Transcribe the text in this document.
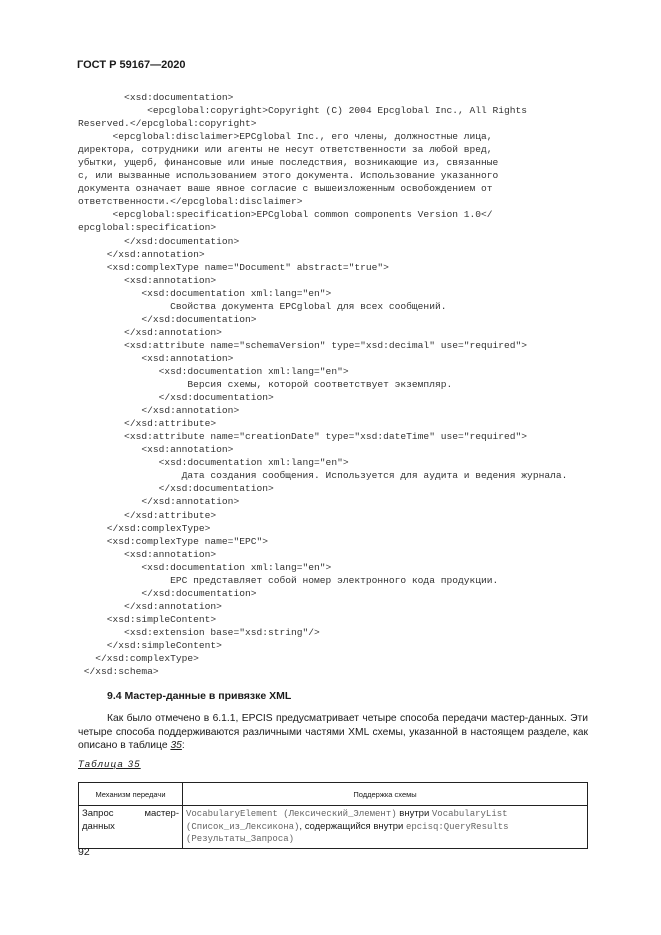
ГОСТ Р 59167—2020
<xsd:documentation>
<epcglobal:copyright>Copyright (C) 2004 Epcglobal Inc., All Rights
Reserved.</epcglobal:copyright>
<epcglobal:disclaimer>EPCglobal Inc., его члены, должностные лица,
директора, сотрудники или агенты не несут ответственности за любой вред,
убытки, ущерб, финансовые или иные последствия, возникающие из, связанные
с, или вызванные использованием этого документа. Использование указанного
документа означает ваше явное согласие с вышеизложенным освобождением от
ответственности.</epcglobal:disclaimer>
<epcglobal:specification>EPCglobal common components Version 1.0</
epcglobal:specification>
</xsd:documentation>
</xsd:annotation>
<xsd:complexType name="Document" abstract="true">
<xsd:annotation>
<xsd:documentation xml:lang="en">
Свойства документа EPCglobal для всех сообщений.
</xsd:documentation>
</xsd:annotation>
<xsd:attribute name="schemaVersion" type="xsd:decimal" use="required">
<xsd:annotation>
<xsd:documentation xml:lang="en">
Версия схемы, которой соответствует экземпляр.
</xsd:documentation>
</xsd:annotation>
</xsd:attribute>
<xsd:attribute name="creationDate" type="xsd:dateTime" use="required">
<xsd:annotation>
<xsd:documentation xml:lang="en">
Дата создания сообщения. Используется для аудита и ведения журнала.
</xsd:documentation>
</xsd:annotation>
</xsd:attribute>
</xsd:complexType>
<xsd:complexType name="EPC">
<xsd:annotation>
<xsd:documentation xml:lang="en">
EPC представляет собой номер электронного кода продукции.
</xsd:documentation>
</xsd:annotation>
<xsd:simpleContent>
<xsd:extension base="xsd:string"/>
</xsd:simpleContent>
</xsd:complexType>
</xsd:schema>
9.4 Мастер-данные в привязке XML
Как было отмечено в 6.1.1, EPCIS предусматривает четыре способа передачи мастер-данных. Эти четыре способа поддерживаются различными частями XML схемы, указанной в настоящем разделе, как описано в таблице 35:
Таблица 35
Механизм передачи	Поддержка схемы
Запрос мастер-данных	VocabularyElement (Лексический_Элемент) внутри VocabularyList (Список_из_Лексикона), содержащийся внутри epcisq:QueryResults (Результаты_Запроса)
92
